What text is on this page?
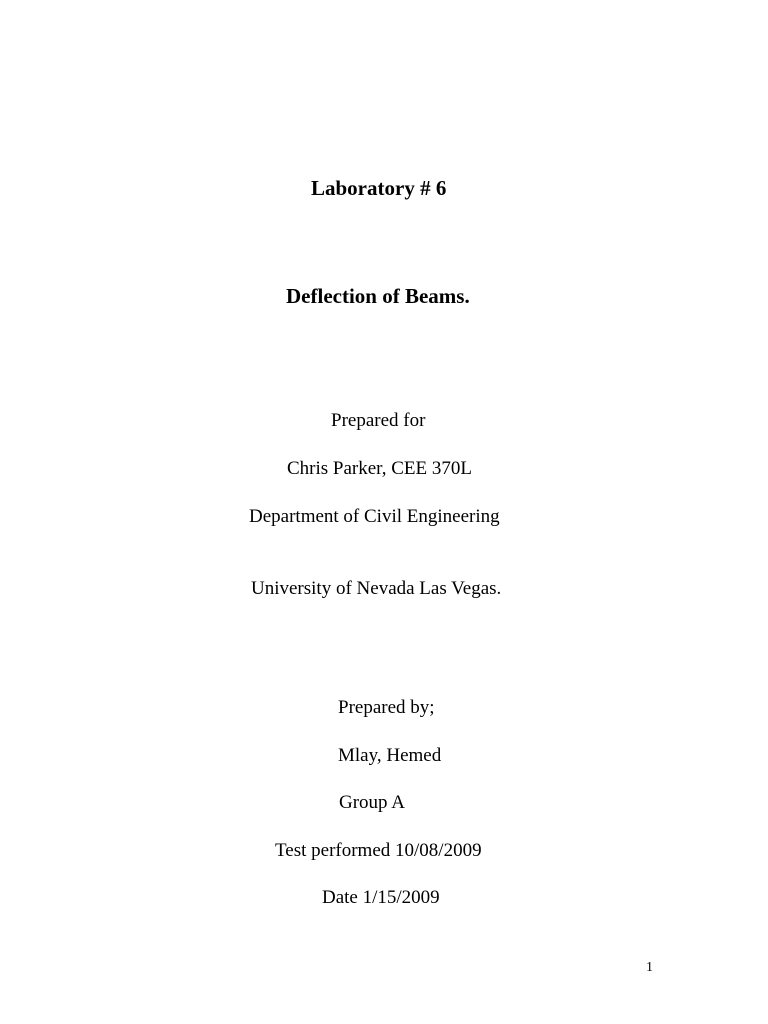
Laboratory # 6
Deflection of Beams.
Prepared for
Chris Parker, CEE 370L
Department of Civil Engineering
University of Nevada Las Vegas.
Prepared by;
Mlay, Hemed
Group A
Test performed 10/08/2009
Date 1/15/2009
1
